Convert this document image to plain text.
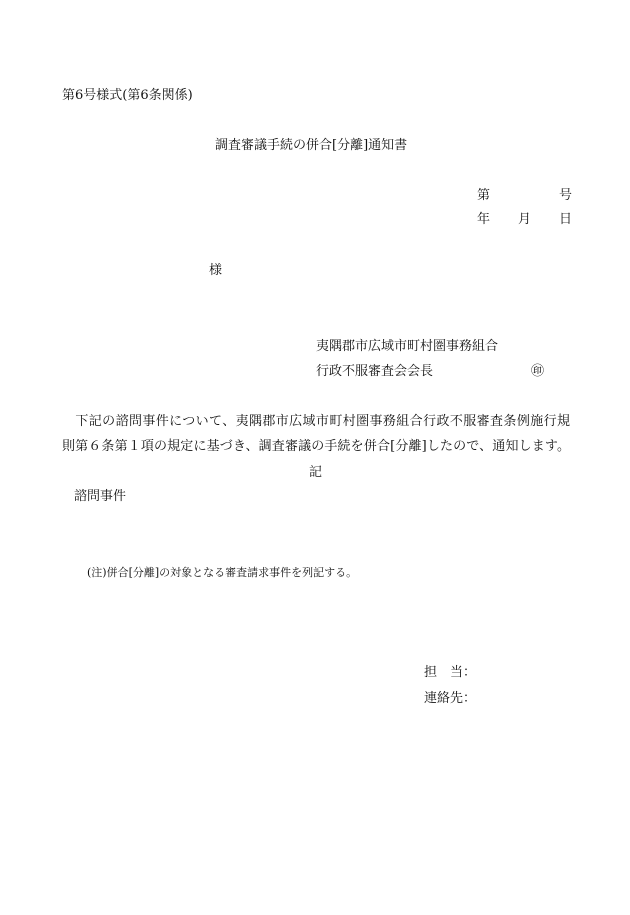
第6号様式(第6条関係)
調査審議手続の併合[分離]通知書
第	号
年 月 日
様
夷隅郡市広域市町村圏事務組合
行政不服審査会会長	㊞
　下記の諮問事件について、夷隅郡市広域市町村圏事務組合行政不服審査条例施行規
則第６条第１項の規定に基づき、調査審議の手続を併合[分離]したので、通知します。
記
諮問事件
(注)併合[分離]の対象となる審査請求事件を列記する。
担　当：
連絡先：
